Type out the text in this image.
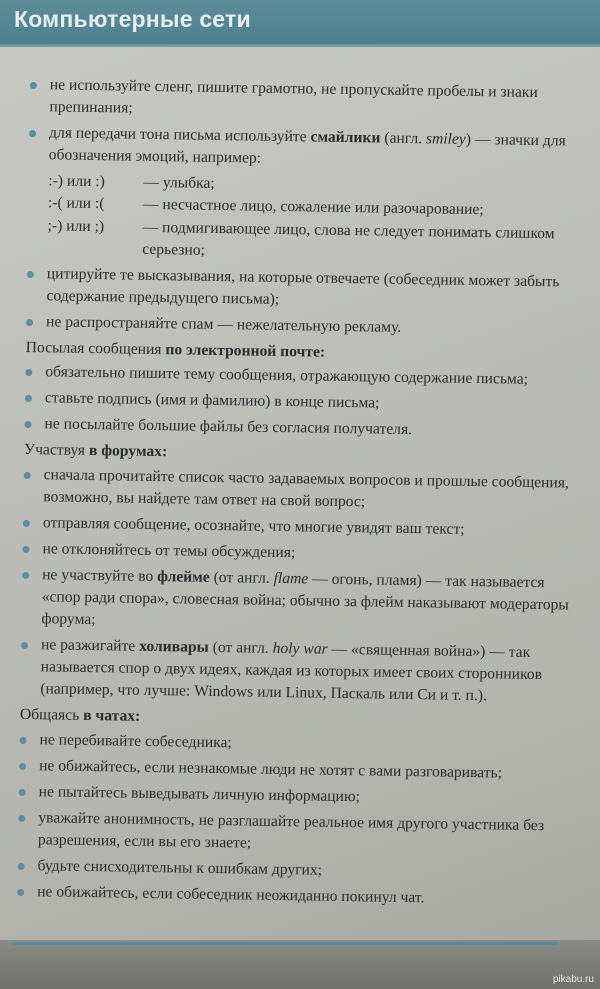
Компьютерные сети
не используйте сленг, пишите грамотно, не пропускайте пробелы и знаки препинания;
для передачи тона письма используйте смайлики (англ. smiley) — значки для обозначения эмоций, например:
:-) или :)	— улыбка;
:-( или :(	— несчастное лицо, сожаление или разочарование;
;-) или ;)	— подмигивающее лицо, слова не следует понимать слишком серьезно;
цитируйте те высказывания, на которые отвечаете (собеседник может забыть содержание предыдущего письма);
не распространяйте спам — нежелательную рекламу.
Посылая сообщения по электронной почте:
обязательно пишите тему сообщения, отражающую содержание письма;
ставьте подпись (имя и фамилию) в конце письма;
не посылайте большие файлы без согласия получателя.
Участвуя в форумах:
сначала прочитайте список часто задаваемых вопросов и прошлые сообщения, возможно, вы найдете там ответ на свой вопрос;
отправляя сообщение, осознайте, что многие увидят ваш текст;
не отклоняйтесь от темы обсуждения;
не участвуйте во флейме (от англ. flame — огонь, пламя) — так называется «спор ради спора», словесная война; обычно за флейм наказывают модераторы форума;
не разжигайте холивары (от англ. holy war — «священная война») — так называется спор о двух идеях, каждая из которых имеет своих сторонников (например, что лучше: Windows или Linux, Паскаль или Си и т. п.).
Общаясь в чатах:
не перебивайте собеседника;
не обижайтесь, если незнакомые люди не хотят с вами разговаривать;
не пытайтесь выведывать личную информацию;
уважайте анонимность, не разглашайте реальное имя другого участника без разрешения, если вы его знаете;
будьте снисходительны к ошибкам других;
не обижайтесь, если собеседник неожиданно покинул чат.
pikabu.ru
